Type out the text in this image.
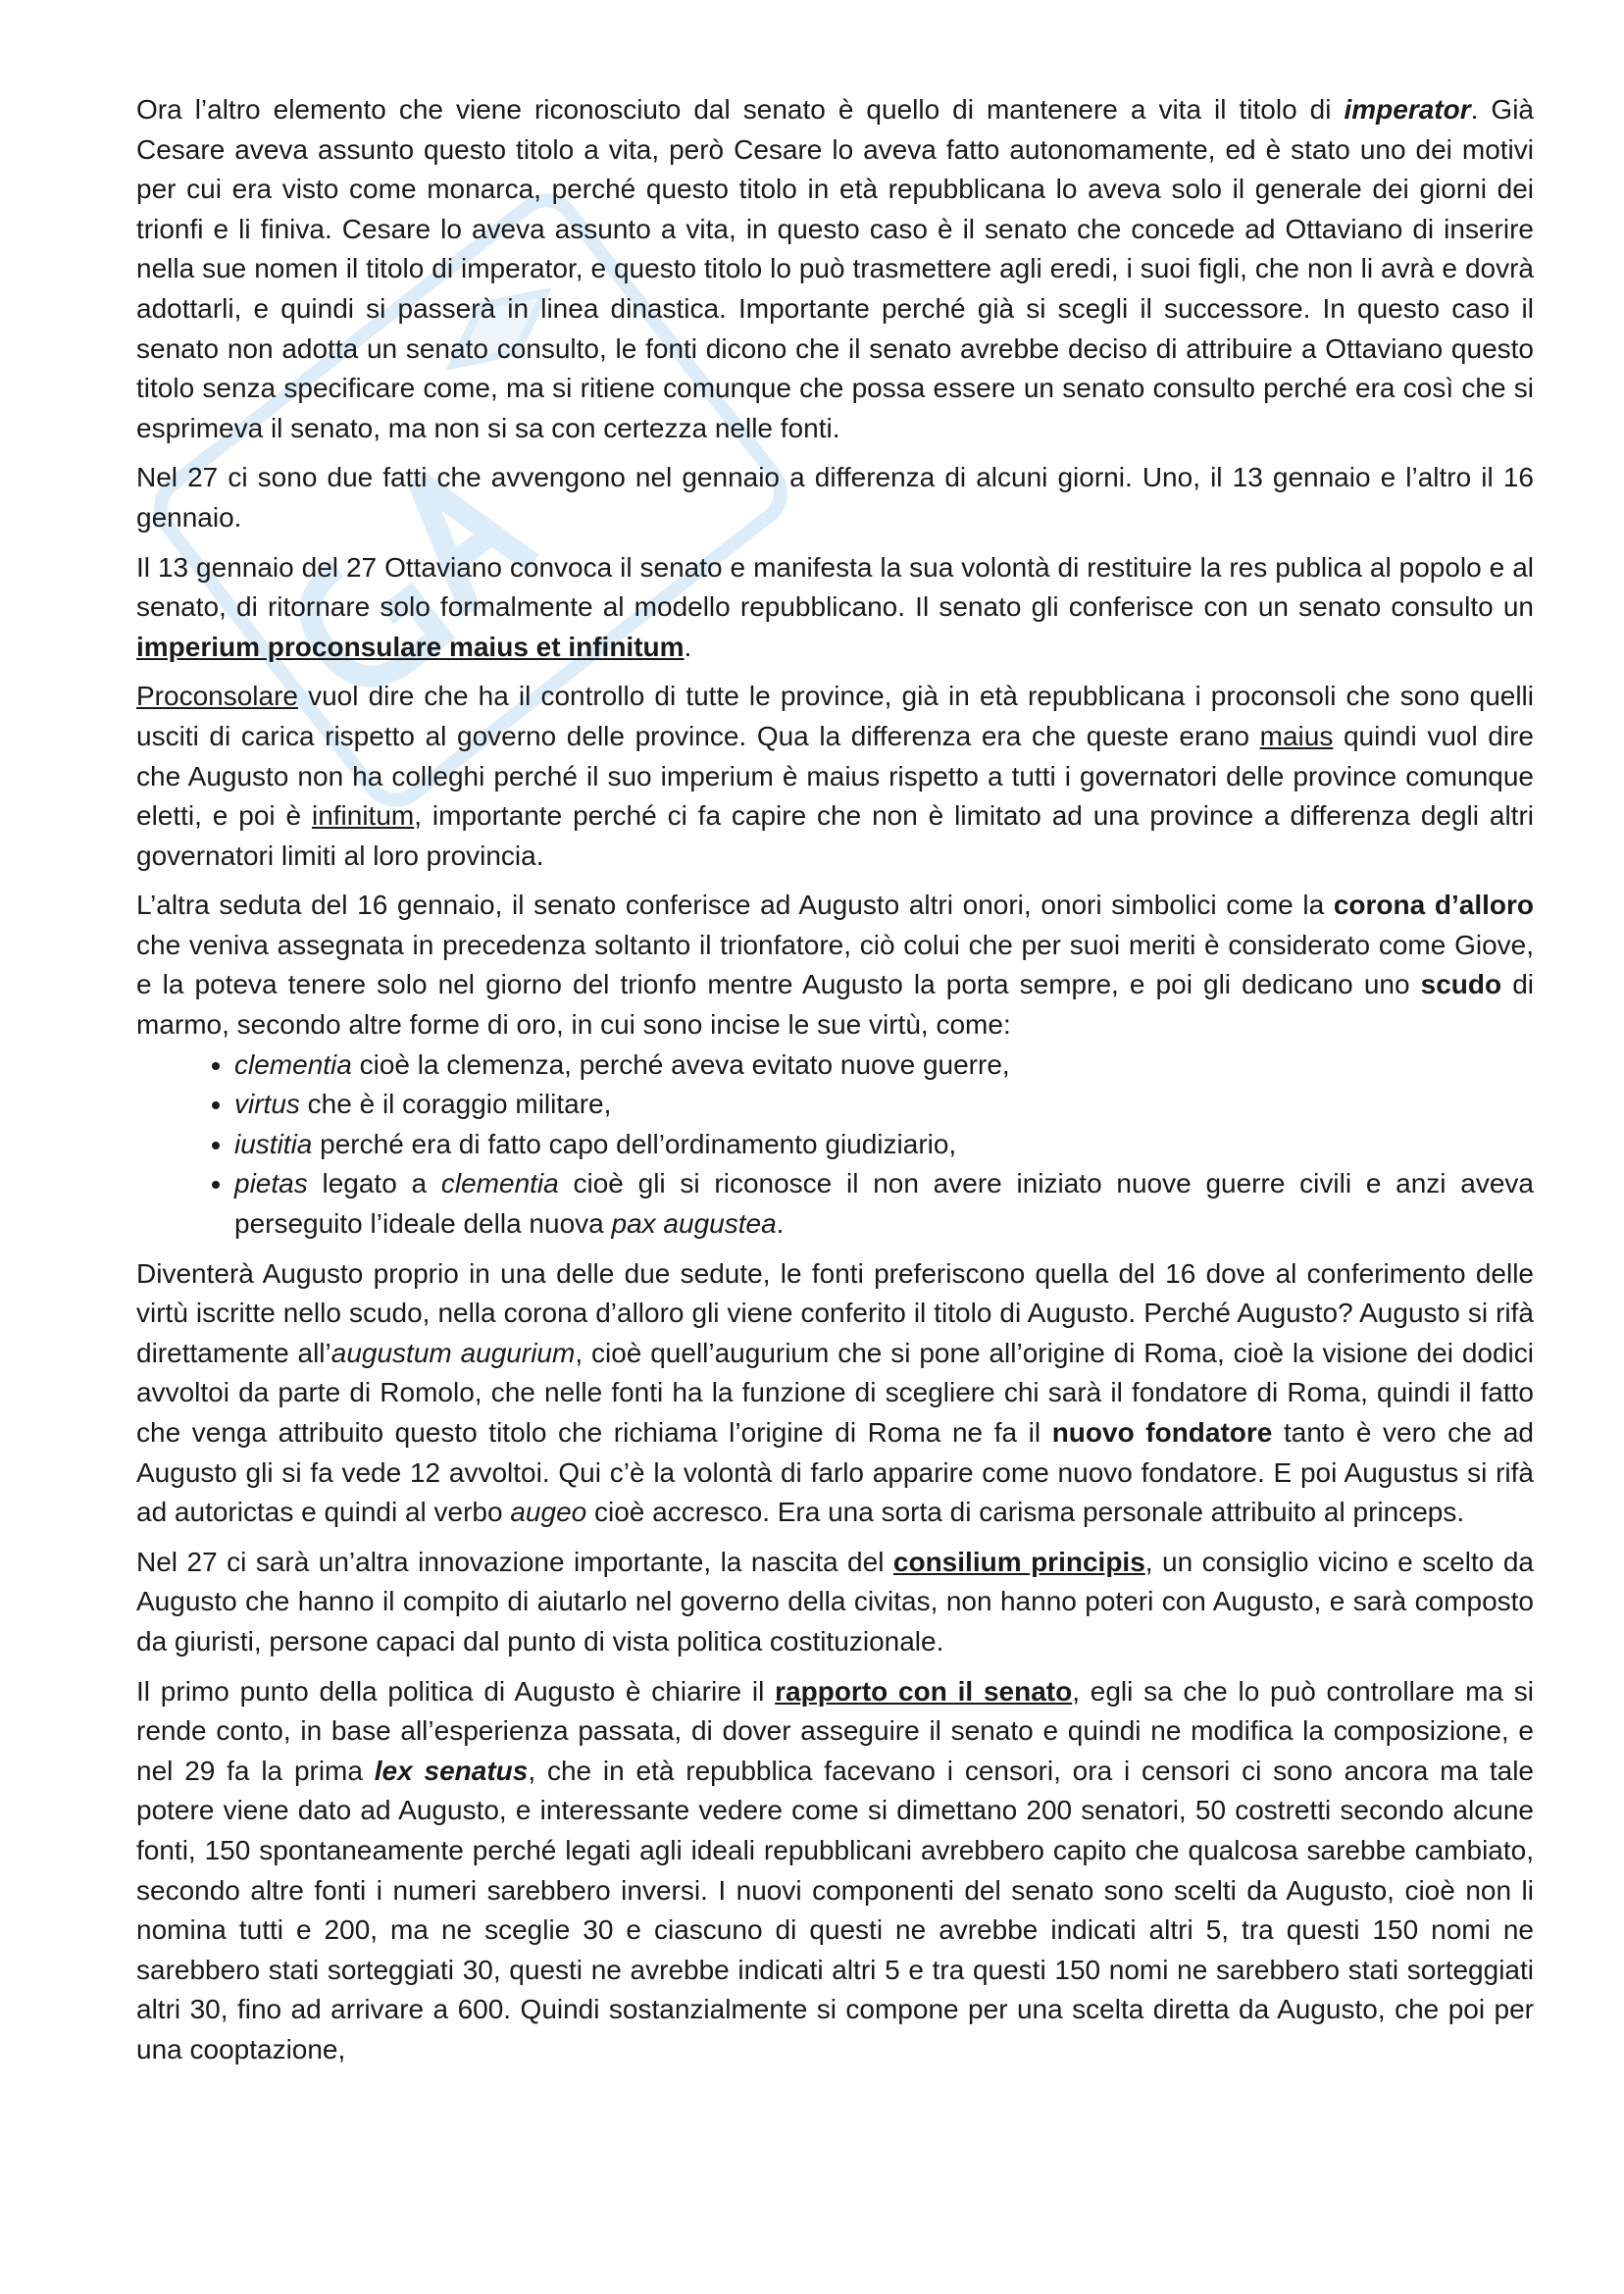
Ora l’altro elemento che viene riconosciuto dal senato è quello di mantenere a vita il titolo di imperator. Già Cesare aveva assunto questo titolo a vita, però Cesare lo aveva fatto autonomamente, ed è stato uno dei motivi per cui era visto come monarca, perché questo titolo in età repubblicana lo aveva solo il generale dei giorni dei trionfi e li finiva. Cesare lo aveva assunto a vita, in questo caso è il senato che concede ad Ottaviano di inserire nella sue nomen il titolo di imperator, e questo titolo lo può trasmettere agli eredi, i suoi figli, che non li avrà e dovrà adottarli, e quindi si passerà in linea dinastica. Importante perché già si scegli il successore. In questo caso il senato non adotta un senato consulto, le fonti dicono che il senato avrebbe deciso di attribuire a Ottaviano questo titolo senza specificare come, ma si ritiene comunque che possa essere un senato consulto perché era così che si esprimeva il senato, ma non si sa con certezza nelle fonti.

Nel 27 ci sono due fatti che avvengono nel gennaio a differenza di alcuni giorni. Uno, il 13 gennaio e l’altro il 16 gennaio.

Il 13 gennaio del 27 Ottaviano convoca il senato e manifesta la sua volontà di restituire la res publica al popolo e al senato, di ritornare solo formalmente al modello repubblicano. Il senato gli conferisce con un senato consulto un imperium proconsulare maius et infinitum.

Proconsolare vuol dire che ha il controllo di tutte le province, già in età repubblicana i proconsoli che sono quelli usciti di carica rispetto al governo delle province. Qua la differenza era che queste erano maius quindi vuol dire che Augusto non ha colleghi perché il suo imperium è maius rispetto a tutti i governatori delle province comunque eletti, e poi è infinitum, importante perché ci fa capire che non è limitato ad una province a differenza degli altri governatori limiti al loro provincia.

L’altra seduta del 16 gennaio, il senato conferisce ad Augusto altri onori, onori simbolici come la corona d’alloro che veniva assegnata in precedenza soltanto il trionfatore, ciò colui che per suoi meriti è considerato come Giove, e la poteva tenere solo nel giorno del trionfo mentre Augusto la porta sempre, e poi gli dedicano uno scudo di marmo, secondo altre forme di oro, in cui sono incise le sue virtù, come:

• clementia cioè la clemenza, perché aveva evitato nuove guerre,
• virtus che è il coraggio militare,
• iustitia perché era di fatto capo dell’ordinamento giudiziario,
• pietas legato a clementia cioè gli si riconosce il non avere iniziato nuove guerre civili e anzi aveva perseguito l’ideale della nuova pax augustea.

Diventerà Augusto proprio in una delle due sedute, le fonti preferiscono quella del 16 dove al conferimento delle virtù iscritte nello scudo, nella corona d’alloro gli viene conferito il titolo di Augusto. Perché Augusto? Augusto si rifà direttamente all’augustum augurium, cioè quell’augurium che si pone all’origine di Roma, cioè la visione dei dodici avvoltoi da parte di Romolo, che nelle fonti ha la funzione di scegliere chi sarà il fondatore di Roma, quindi il fatto che venga attribuito questo titolo che richiama l’origine di Roma ne fa il nuovo fondatore tanto è vero che ad Augusto gli si fa vede 12 avvoltoi. Qui c’è la volontà di farlo apparire come nuovo fondatore. E poi Augustus si rifà ad autorictas e quindi al verbo augeo cioè accresco. Era una sorta di carisma personale attribuito al princeps.

Nel 27 ci sarà un’altra innovazione importante, la nascita del consilium principis, un consiglio vicino e scelto da Augusto che hanno il compito di aiutarlo nel governo della civitas, non hanno poteri con Augusto, e sarà composto da giuristi, persone capaci dal punto di vista politica costituzionale.

Il primo punto della politica di Augusto è chiarire il rapporto con il senato, egli sa che lo può controllare ma si rende conto, in base all’esperienza passata, di dover asseguire il senato e quindi ne modifica la composizione, e nel 29 fa la prima lex senatus, che in età repubblica facevano i censori, ora i censori ci sono ancora ma tale potere viene dato ad Augusto, e interessante vedere come si dimettano 200 senatori, 50 costretti secondo alcune fonti, 150 spontaneamente perché legati agli ideali repubblicani avrebbero capito che qualcosa sarebbe cambiato, secondo altre fonti i numeri sarebbero inversi. I nuovi componenti del senato sono scelti da Augusto, cioè non li nomina tutti e 200, ma ne sceglie 30 e ciascuno di questi ne avrebbe indicati altri 5, tra questi 150 nomi ne sarebbero stati sorteggiati 30, questi ne avrebbe indicati altri 5 e tra questi 150 nomi ne sarebbero stati sorteggiati altri 30, fino ad arrivare a 600. Quindi sostanzialmente si compone per una scelta diretta da Augusto, che poi per una cooptazione,
